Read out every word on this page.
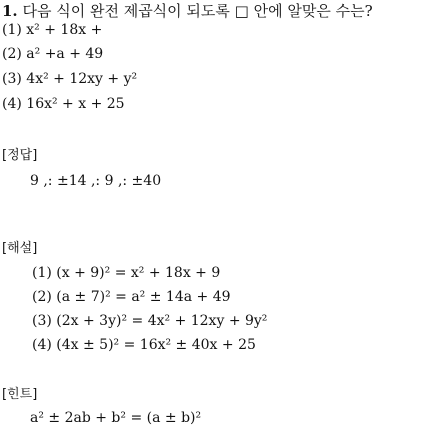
1. 다음 식이 완전 제곱식이 되도록 □ 안에 알맞은 수는?
(1) x² + 18x +
(2) a² +a + 49
(3) 4x² + 12xy + y²
(4) 16x² + x + 25
[정답]
9 ,: ±14 ,: 9 ,: ±40
[해설]
(1) (x + 9)² = x² + 18x + 9
(2) (a ± 7)² = a² ± 14a + 49
(3) (2x + 3y)² = 4x² + 12xy + 9y²
(4) (4x ± 5)² = 16x² ± 40x + 25
[힌트]
a² ± 2ab + b² = (a ± b)²
